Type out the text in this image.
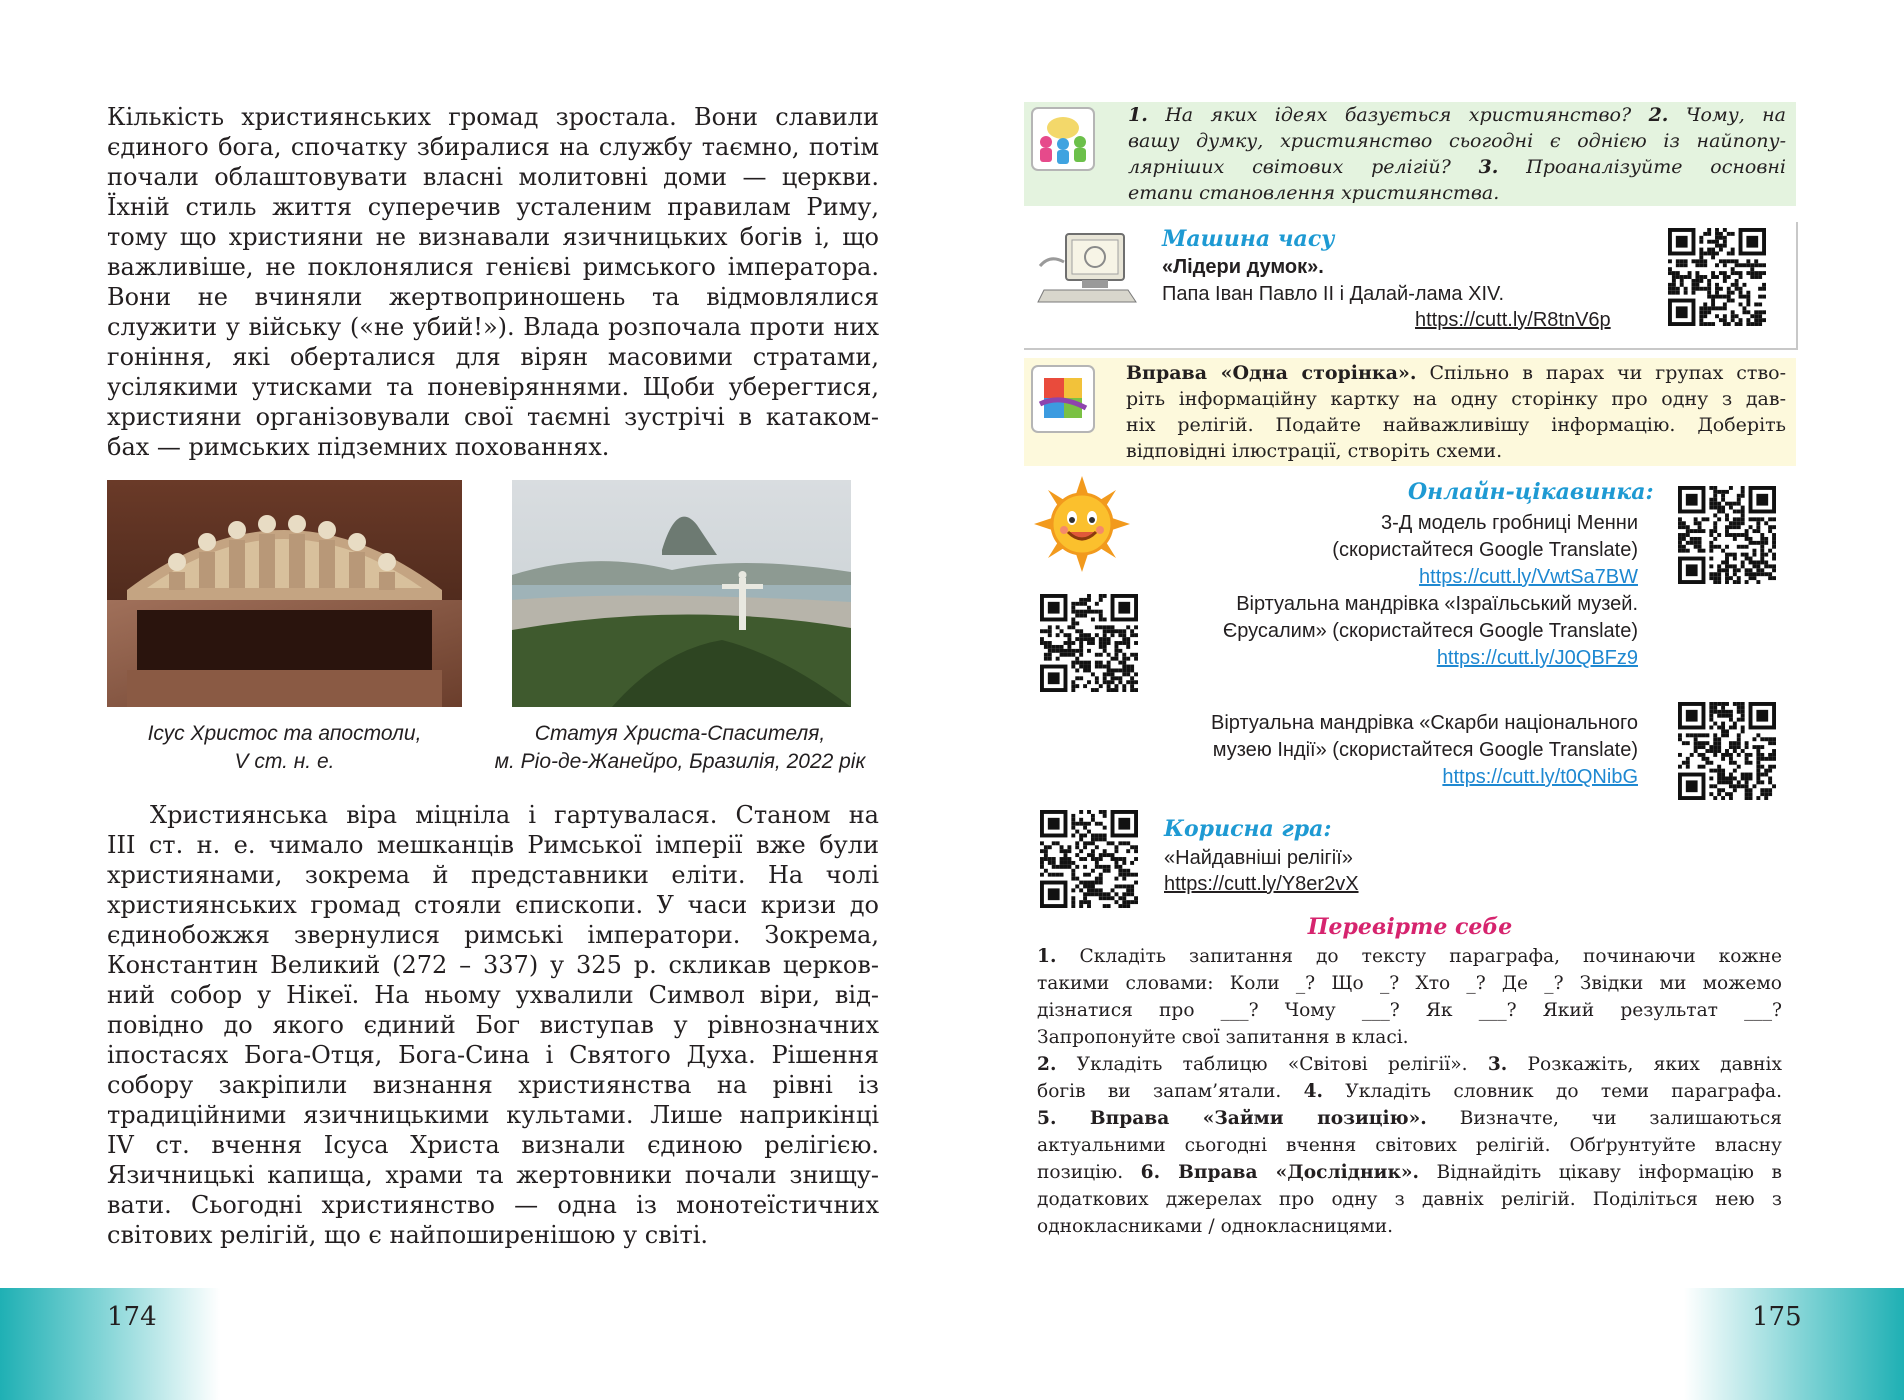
Кількість християнських громад зростала. Вони славили
єдиного бога, спочатку збиралися на службу таємно, потім
почали облаштовувати власні молитовні доми — церкви.
Їхній стиль життя суперечив усталеним правилам Риму,
тому що християни не визнавали язичницьких богів і, що
важливіше, не поклонялися генієві римського імператора.
Вони не вчиняли жертвоприношень та відмовлялися
служити у війську («не убий!»). Влада розпочала проти них
гоніння, які оберталися для вірян масовими стратами,
усілякими утисками та поневіряннями. Щоби уберегтися,
християни організовували свої таємні зустрічі в катаком-
бах — римських підземних похованнях.
Ісус Христос та апостоли,
V ст. н. е.
Статуя Христа-Спасителя,
м. Ріо-де-Жанейро, Бразилія, 2022 рік
Християнська віра міцніла і гартувалася. Станом на
ІІІ ст. н. е. чимало мешканців Римської імперії вже були
християнами, зокрема й представники еліти. На чолі
християнських громад стояли єпископи. У часи кризи до
єдинобожжя звернулися римські імператори. Зокрема,
Константин Великий (272 – 337) у 325 р. скликав церков-
ний собор у Нікеї. На ньому ухвалили Символ віри, від-
повідно до якого єдиний Бог виступав у рівнозначних
іпостасях Бога-Отця, Бога-Сина і Святого Духа. Рішення
собору закріпили визнання християнства на рівні із
традиційними язичницькими культами. Лише наприкінці
IV ст. вчення Ісуса Христа визнали єдиною релігією.
Язичницькі капища, храми та жертовники почали знищу-
вати. Сьогодні християнство — одна із монотеїстичних
світових релігій, що є найпоширенішою у світі.
174
1. На яких ідеях базується християнство? 2. Чому, на
вашу думку, християнство сьогодні є однією із найпопу-
лярніших світових релігій? 3. Проаналізуйте основні
етапи становлення християнства.
Машина часу
«Лідери думок».
Папа Іван Павло ІІ і Далай-лама XIV.
https://cutt.ly/R8tnV6p
Вправа «Одна сторінка». Спільно в парах чи групах ство-
ріть інформаційну картку на одну сторінку про одну з дав-
ніх релігій. Подайте найважливішу інформацію. Доберіть
відповідні ілюстрації, створіть схеми.
Онлайн-цікавинка:
3-Д модель гробниці Менни
(скористайтеся Google Translate)
https://cutt.ly/VwtSa7BW
Віртуальна мандрівка «Ізраїльський музей.
Єрусалим» (скористайтеся Google Translate)
https://cutt.ly/J0QBFz9
Віртуальна мандрівка «Скарби національного
музею Індії» (скористайтеся Google Translate)
https://cutt.ly/t0QNibG
Корисна гра:
«Найдавніші релігії»
https://cutt.ly/Y8er2vX
Перевірте себе
1. Складіть запитання до тексту параграфа, починаючи кожне
такими словами: Коли _? Що _? Хто _? Де _? Звідки ми можемо
дізнатися про ___? Чому ___? Як ___? Який результат ___?
Запропонуйте свої запитання в класі.
2. Укладіть таблицю «Світові релігії». 3. Розкажіть, яких давніх
богів ви запам’ятали. 4. Укладіть словник до теми параграфа.
5. Вправа «Займи позицію». Визначте, чи залишаються
актуальними сьогодні вчення світових релігій. Обґрунтуйте власну
позицію. 6. Вправа «Дослідник». Віднайдіть цікаву інформацію в
додаткових джерелах про одну з давніх релігій. Поділіться нею з
однокласниками / однокласницями.
175
